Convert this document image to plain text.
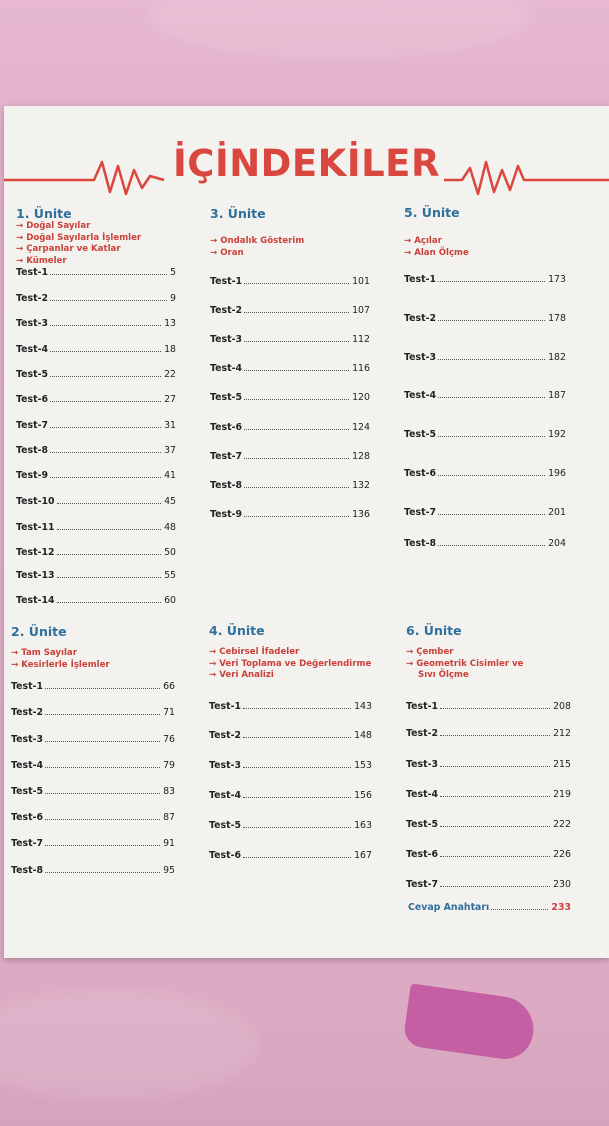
İÇİNDEKİLER
1. Ünite
→ Doğal Sayılar
→ Doğal Sayılarla İşlemler
→ Çarpanlar ve Katlar
→ Kümeler
Test-1	5
Test-2	9
Test-3	13
Test-4	18
Test-5	22
Test-6	27
Test-7	31
Test-8	37
Test-9	41
Test-10	45
Test-11	48
Test-12	50
Test-13	55
Test-14	60
2. Ünite
→ Tam Sayılar
→ Kesirlerle İşlemler
Test-1	66
Test-2	71
Test-3	76
Test-4	79
Test-5	83
Test-6	87
Test-7	91
Test-8	95
3. Ünite
→ Ondalık Gösterim
→ Oran
Test-1	101
Test-2	107
Test-3	112
Test-4	116
Test-5	120
Test-6	124
Test-7	128
Test-8	132
Test-9	136
4. Ünite
→ Cebirsel İfadeler
→ Veri Toplama ve Değerlendirme
→ Veri Analizi
Test-1	143
Test-2	148
Test-3	153
Test-4	156
Test-5	163
Test-6	167
5. Ünite
→ Açılar
→ Alan Ölçme
Test-1	173
Test-2	178
Test-3	182
Test-4	187
Test-5	192
Test-6	196
Test-7	201
Test-8	204
6. Ünite
→ Çember
→ Geometrik Cisimler ve
Sıvı Ölçme
Test-1	208
Test-2	212
Test-3	215
Test-4	219
Test-5	222
Test-6	226
Test-7	230
Cevap Anahtarı	233
